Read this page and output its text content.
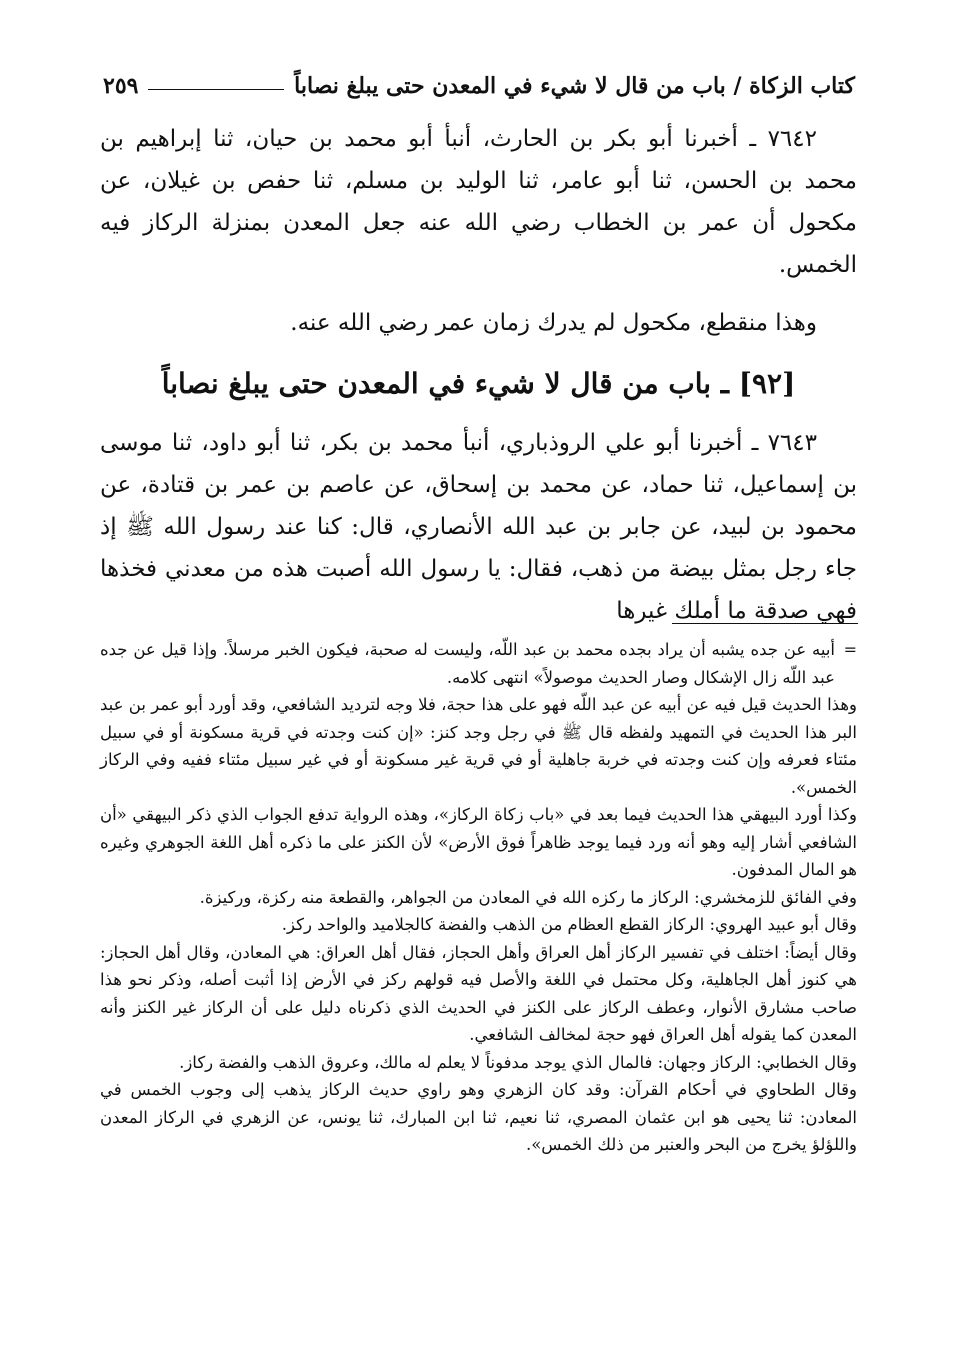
كتاب الزكاة / باب من قال لا شيء في المعدن حتى يبلغ نصاباً
٢٥٩

٧٦٤٢ ـ أخبرنا أبو بكر بن الحارث، أنبأ أبو محمد بن حيان، ثنا إبراهيم بن محمد بن الحسن، ثنا أبو عامر، ثنا الوليد بن مسلم، ثنا حفص بن غيلان، عن مكحول أن عمر بن الخطاب رضي الله عنه جعل المعدن بمنزلة الركاز فيه الخمس.

وهذا منقطع، مكحول لم يدرك زمان عمر رضي الله عنه.

[٩٢] ـ باب من قال لا شيء في المعدن حتى يبلغ نصاباً

٧٦٤٣ ـ أخبرنا أبو علي الروذباري، أنبأ محمد بن بكر، ثنا أبو داود، ثنا موسى بن إسماعيل، ثنا حماد، عن محمد بن إسحاق، عن عاصم بن عمر بن قتادة، عن محمود بن لبيد، عن جابر بن عبد الله الأنصاري، قال: كنا عند رسول الله ﷺ إذ جاء رجل بمثل بيضة من ذهب، فقال: يا رسول الله أصبت هذه من معدني فخذها فهي صدقة ما أملك غيرها

=
أبيه عن جده يشبه أن يراد بجده محمد بن عبد اللّه، وليست له صحبة، فيكون الخبر مرسلاً. وإذا قيل عن جده عبد اللّه زال الإشكال وصار الحديث موصولاً» انتهى كلامه.

وهذا الحديث قيل فيه عن أبيه عن عبد اللّه فهو على هذا حجة، فلا وجه لترديد الشافعي، وقد أورد أبو عمر بن عبد البر هذا الحديث في التمهيد ولفظه قال ﷺ في رجل وجد كنز: «إن كنت وجدته في قرية مسكونة أو في سبيل مئتاء فعرفه وإن كنت وجدته في خربة جاهلية أو في قرية غير مسكونة أو في غير سبيل مئتاء ففيه وفي الركاز الخمس».

وكذا أورد البيهقي هذا الحديث فيما بعد في «باب زكاة الركاز»، وهذه الرواية تدفع الجواب الذي ذكر البيهقي «أن الشافعي أشار إليه وهو أنه ورد فيما يوجد ظاهراً فوق الأرض» لأن الكنز على ما ذكره أهل اللغة الجوهري وغيره هو المال المدفون.

وفي الفائق للزمخشري: الركاز ما ركزه الله في المعادن من الجواهر، والقطعة منه ركزة، وركيزة.

وقال أبو عبيد الهروي: الركاز القطع العظام من الذهب والفضة كالجلاميد والواحد ركز.

وقال أيضاً: اختلف في تفسير الركاز أهل العراق وأهل الحجاز، فقال أهل العراق: هي المعادن، وقال أهل الحجاز: هي كنوز أهل الجاهلية، وكل محتمل في اللغة والأصل فيه قولهم ركز في الأرض إذا أثبت أصله، وذكر نحو هذا صاحب مشارق الأنوار، وعطف الركاز على الكنز في الحديث الذي ذكرناه دليل على أن الركاز غير الكنز وأنه المعدن كما يقوله أهل العراق فهو حجة لمخالف الشافعي.

وقال الخطابي: الركاز وجهان: فالمال الذي يوجد مدفوناً لا يعلم له مالك، وعروق الذهب والفضة ركاز.

وقال الطحاوي في أحكام القرآن: وقد كان الزهري وهو راوي حديث الركاز يذهب إلى وجوب الخمس في المعادن: ثنا يحيى هو ابن عثمان المصري، ثنا نعيم، ثنا ابن المبارك، ثنا يونس، عن الزهري في الركاز المعدن واللؤلؤ يخرج من البحر والعنبر من ذلك الخمس».
